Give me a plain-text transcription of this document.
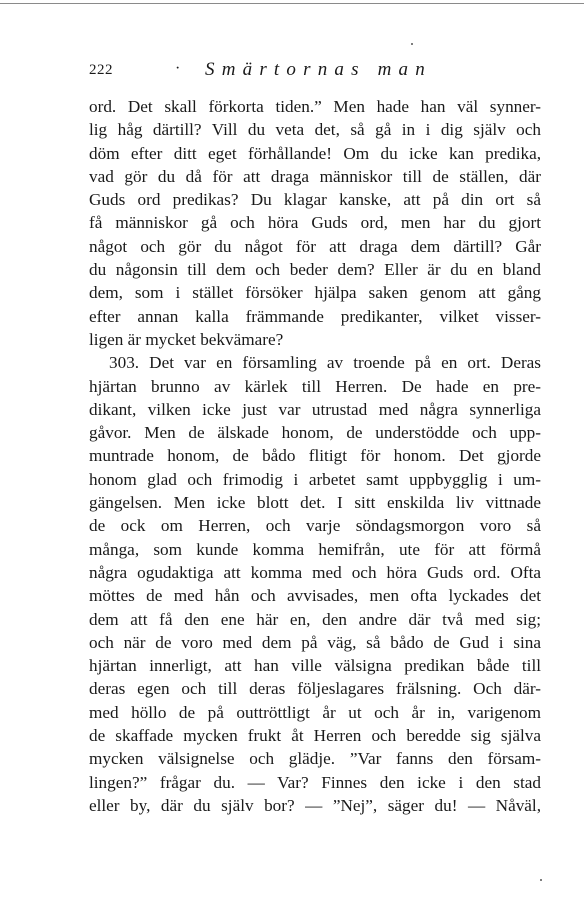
222	· Smärtornas man
ord. Det skall förkorta tiden.” Men hade han väl synner-
lig håg därtill? Vill du veta det, så gå in i dig själv och
döm efter ditt eget förhållande! Om du icke kan predika,
vad gör du då för att draga människor till de ställen, där
Guds ord predikas? Du klagar kanske, att på din ort så
få människor gå och höra Guds ord, men har du gjort
något och gör du något för att draga dem därtill? Går
du någonsin till dem och beder dem? Eller är du en bland
dem, som i stället försöker hjälpa saken genom att gång
efter annan kalla främmande predikanter, vilket visser-
ligen är mycket bekvämare?
303. Det var en församling av troende på en ort. Deras
hjärtan brunno av kärlek till Herren. De hade en pre-
dikant, vilken icke just var utrustad med några synnerliga
gåvor. Men de älskade honom, de understödde och upp-
muntrade honom, de bådo flitigt för honom. Det gjorde
honom glad och frimodig i arbetet samt uppbygglig i um-
gängelsen. Men icke blott det. I sitt enskilda liv vittnade
de ock om Herren, och varje söndagsmorgon voro så
många, som kunde komma hemifrån, ute för att förmå
några ogudaktiga att komma med och höra Guds ord. Ofta
möttes de med hån och avvisades, men ofta lyckades det
dem att få den ene här en, den andre där två med sig;
och när de voro med dem på väg, så bådo de Gud i sina
hjärtan innerligt, att han ville välsigna predikan både till
deras egen och till deras följeslagares frälsning. Och där-
med höllo de på outtröttligt år ut och år in, varigenom
de skaffade mycken frukt åt Herren och beredde sig själva
mycken välsignelse och glädje. ”Var fanns den försam-
lingen?” frågar du. — Var? Finnes den icke i den stad
eller by, där du själv bor? — ”Nej”, säger du! — Nåväl,
